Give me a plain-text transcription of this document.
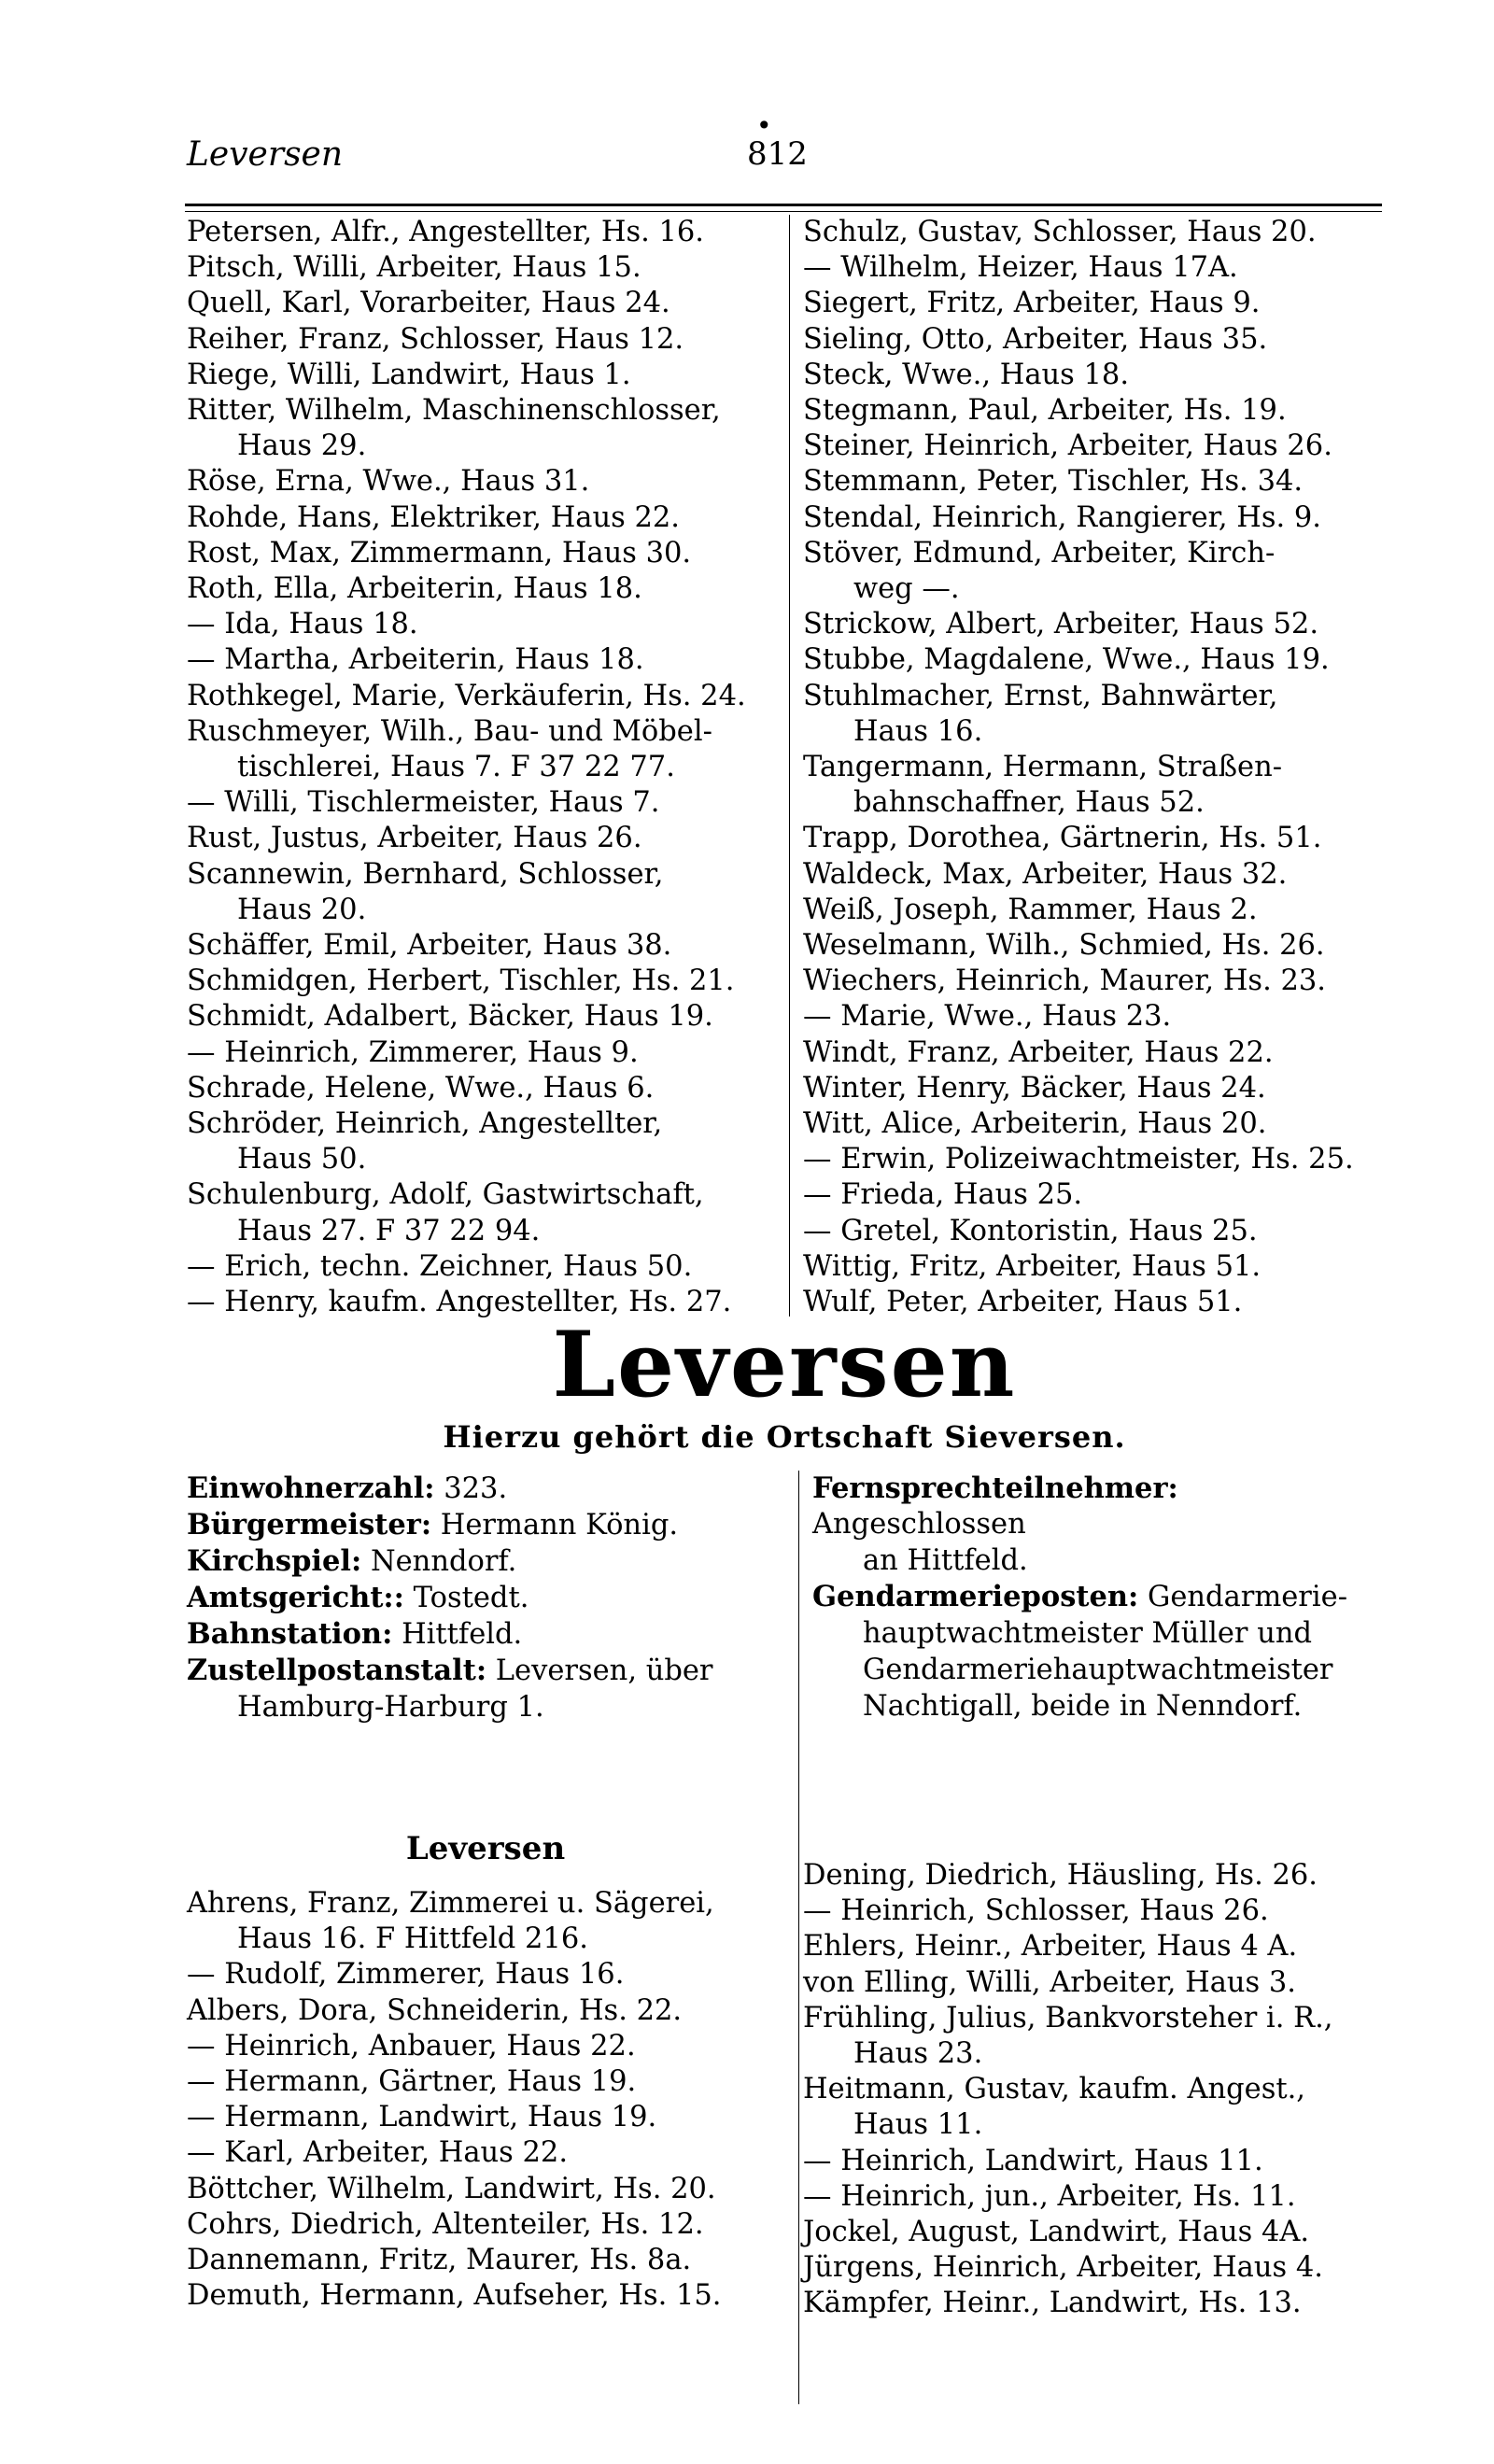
•
Leversen	812
Petersen, Alfr., Angestellter, Hs. 16.
Pitsch, Willi, Arbeiter, Haus 15.
Quell, Karl, Vorarbeiter, Haus 24.
Reiher, Franz, Schlosser, Haus 12.
Riege, Willi, Landwirt, Haus 1.
Ritter, Wilhelm, Maschinenschlosser,
Haus 29.
Röse, Erna, Wwe., Haus 31.
Rohde, Hans, Elektriker, Haus 22.
Rost, Max, Zimmermann, Haus 30.
Roth, Ella, Arbeiterin, Haus 18.
— Ida, Haus 18.
— Martha, Arbeiterin, Haus 18.
Rothkegel, Marie, Verkäuferin, Hs. 24.
Ruschmeyer, Wilh., Bau- und Möbel-
tischlerei, Haus 7. F 37 22 77.
— Willi, Tischlermeister, Haus 7.
Rust, Justus, Arbeiter, Haus 26.
Scannewin, Bernhard, Schlosser,
Haus 20.
Schäffer, Emil, Arbeiter, Haus 38.
Schmidgen, Herbert, Tischler, Hs. 21.
Schmidt, Adalbert, Bäcker, Haus 19.
— Heinrich, Zimmerer, Haus 9.
Schrade, Helene, Wwe., Haus 6.
Schröder, Heinrich, Angestellter,
Haus 50.
Schulenburg, Adolf, Gastwirtschaft,
Haus 27. F 37 22 94.
— Erich, techn. Zeichner, Haus 50.
— Henry, kaufm. Angestellter, Hs. 27.
Schulz, Gustav, Schlosser, Haus 20.
— Wilhelm, Heizer, Haus 17A.
Siegert, Fritz, Arbeiter, Haus 9.
Sieling, Otto, Arbeiter, Haus 35.
Steck, Wwe., Haus 18.
Stegmann, Paul, Arbeiter, Hs. 19.
Steiner, Heinrich, Arbeiter, Haus 26.
Stemmann, Peter, Tischler, Hs. 34.
Stendal, Heinrich, Rangierer, Hs. 9.
Stöver, Edmund, Arbeiter, Kirch-
weg —.
Strickow, Albert, Arbeiter, Haus 52.
Stubbe, Magdalene, Wwe., Haus 19.
Stuhlmacher, Ernst, Bahnwärter,
Haus 16.
Tangermann, Hermann, Straßen-
bahnschaffner, Haus 52.
Trapp, Dorothea, Gärtnerin, Hs. 51.
Waldeck, Max, Arbeiter, Haus 32.
Weiß, Joseph, Rammer, Haus 2.
Weselmann, Wilh., Schmied, Hs. 26.
Wiechers, Heinrich, Maurer, Hs. 23.
— Marie, Wwe., Haus 23.
Windt, Franz, Arbeiter, Haus 22.
Winter, Henry, Bäcker, Haus 24.
Witt, Alice, Arbeiterin, Haus 20.
— Erwin, Polizeiwachtmeister, Hs. 25.
— Frieda, Haus 25.
— Gretel, Kontoristin, Haus 25.
Wittig, Fritz, Arbeiter, Haus 51.
Wulf, Peter, Arbeiter, Haus 51.
Leversen
Hierzu gehört die Ortschaft Sieversen.
Einwohnerzahl: 323.
Bürgermeister: Hermann König.
Kirchspiel: Nenndorf.
Amtsgericht:: Tostedt.
Bahnstation: Hittfeld.
Zustellpostanstalt: Leversen, über
Hamburg-Harburg 1.
Fernsprechteilnehmer: Angeschlossen
an Hittfeld.
Gendarmerieposten: Gendarmerie-
hauptwachtmeister Müller und
Gendarmeriehauptwachtmeister
Nachtigall, beide in Nenndorf.
Leversen
Ahrens, Franz, Zimmerei u. Sägerei,
Haus 16. F Hittfeld 216.
— Rudolf, Zimmerer, Haus 16.
Albers, Dora, Schneiderin, Hs. 22.
— Heinrich, Anbauer, Haus 22.
— Hermann, Gärtner, Haus 19.
— Hermann, Landwirt, Haus 19.
— Karl, Arbeiter, Haus 22.
Böttcher, Wilhelm, Landwirt, Hs. 20.
Cohrs, Diedrich, Altenteiler, Hs. 12.
Dannemann, Fritz, Maurer, Hs. 8a.
Demuth, Hermann, Aufseher, Hs. 15.
Dening, Diedrich, Häusling, Hs. 26.
— Heinrich, Schlosser, Haus 26.
Ehlers, Heinr., Arbeiter, Haus 4 A.
von Elling, Willi, Arbeiter, Haus 3.
Frühling, Julius, Bankvorsteher i. R.,
Haus 23.
Heitmann, Gustav, kaufm. Angest.,
Haus 11.
— Heinrich, Landwirt, Haus 11.
— Heinrich, jun., Arbeiter, Hs. 11.
Jockel, August, Landwirt, Haus 4A.
Jürgens, Heinrich, Arbeiter, Haus 4.
Kämpfer, Heinr., Landwirt, Hs. 13.
